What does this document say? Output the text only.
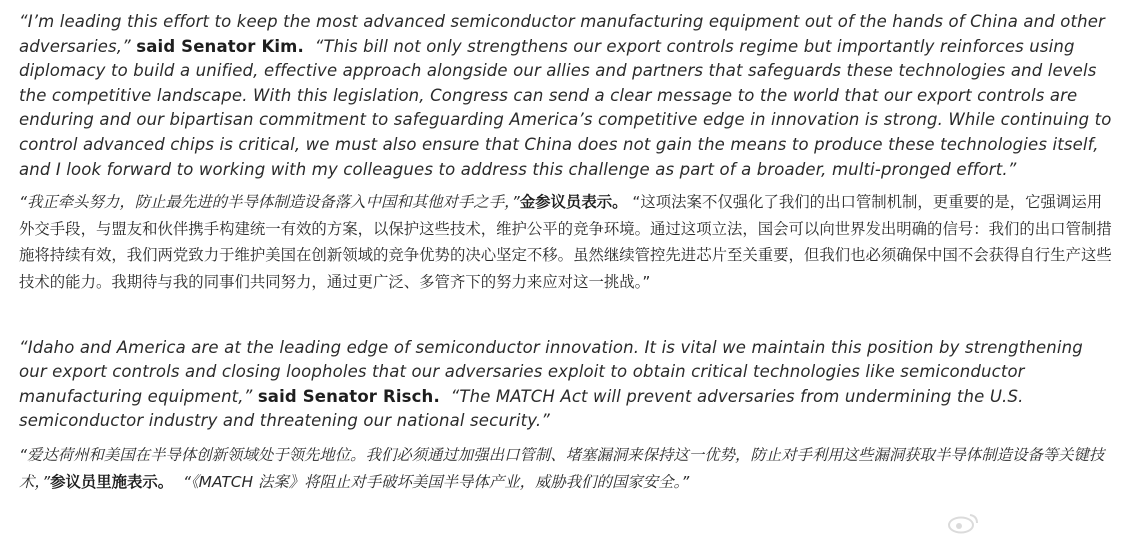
“I’m leading this effort to keep the most advanced semiconductor manufacturing equipment out of the hands of China and other adversaries,” said Senator Kim. “This bill not only strengthens our export controls regime but importantly reinforces using diplomacy to build a unified, effective approach alongside our allies and partners that safeguards these technologies and levels the competitive landscape. With this legislation, Congress can send a clear message to the world that our export controls are enduring and our bipartisan commitment to safeguarding America’s competitive edge in innovation is strong. While continuing to control advanced chips is critical, we must also ensure that China does not gain the means to produce these technologies itself, and I look forward to working with my colleagues to address this challenge as part of a broader, multi-pronged effort.”

“我正牵头努力，防止最先进的半导体制造设备落入中国和其他对手之手，”金参议员表示。 “这项法案不仅强化了我们的出口管制机制，更重要的是，它强调运用外交手段，与盟友和伙伴携手构建统一有效的方案，以保护这些技术，维护公平的竞争环境。通过这项立法，国会可以向世界发出明确的信号：我们的出口管制措施将持续有效，我们两党致力于维护美国在创新领域的竞争优势的决心坚定不移。虽然继续管控先进芯片至关重要，但我们也必须确保中国不会获得自行生产这些技术的能力。我期待与我的同事们共同努力，通过更广泛、多管齐下的努力来应对这一挑战。”

“Idaho and America are at the leading edge of semiconductor innovation. It is vital we maintain this position by strengthening our export controls and closing loopholes that our adversaries exploit to obtain critical technologies like semiconductor manufacturing equipment,” said Senator Risch. “The MATCH Act will prevent adversaries from undermining the U.S. semiconductor industry and threatening our national security.”

“爱达荷州和美国在半导体创新领域处于领先地位。我们必须通过加强出口管制、堵塞漏洞来保持这一优势，防止对手利用这些漏洞获取半导体制造设备等关键技术，”参议员里施表示。 “《MATCH 法案》将阻止对手破坏美国半导体产业，威胁我们的国家安全。”
